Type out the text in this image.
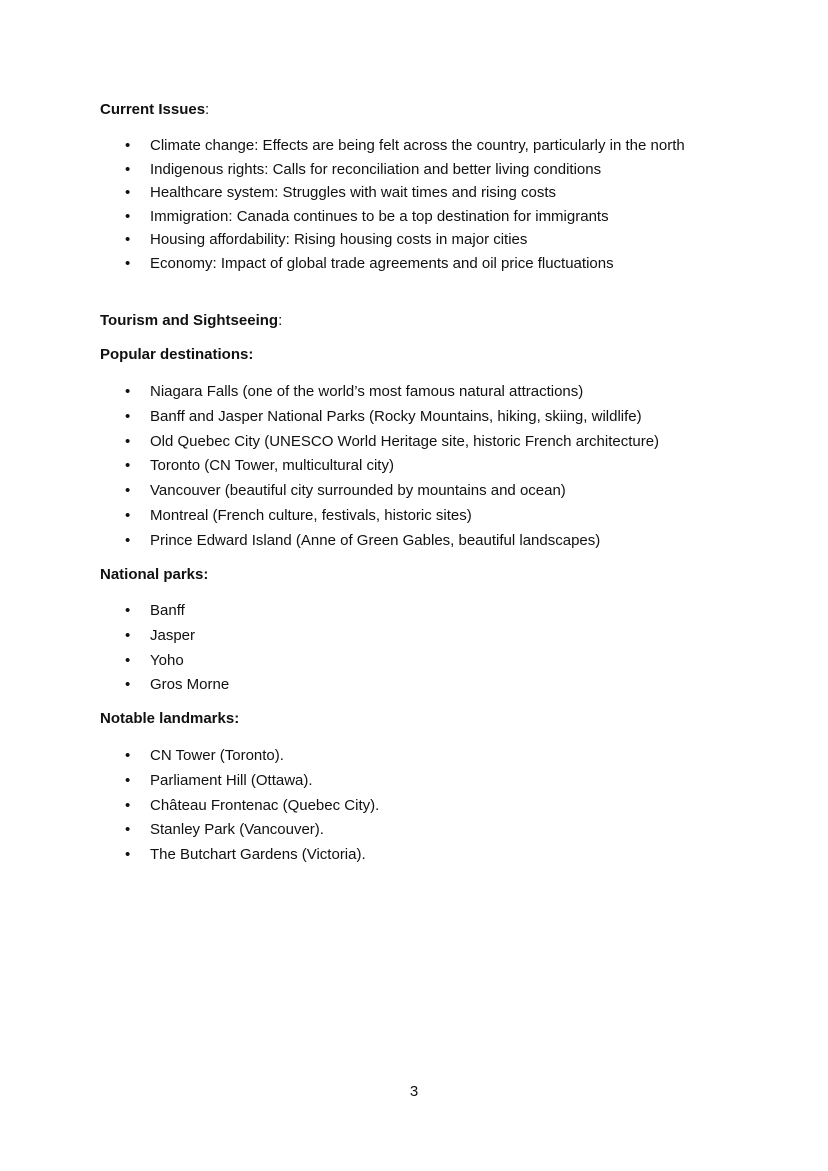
Current Issues:
• Climate change: Effects are being felt across the country, particularly in the north
• Indigenous rights: Calls for reconciliation and better living conditions
• Healthcare system: Struggles with wait times and rising costs
• Immigration: Canada continues to be a top destination for immigrants
• Housing affordability: Rising housing costs in major cities
• Economy: Impact of global trade agreements and oil price fluctuations
Tourism and Sightseeing:
Popular destinations:
• Niagara Falls (one of the world’s most famous natural attractions)
• Banff and Jasper National Parks (Rocky Mountains, hiking, skiing, wildlife)
• Old Quebec City (UNESCO World Heritage site, historic French architecture)
• Toronto (CN Tower, multicultural city)
• Vancouver (beautiful city surrounded by mountains and ocean)
• Montreal (French culture, festivals, historic sites)
• Prince Edward Island (Anne of Green Gables, beautiful landscapes)
National parks:
• Banff
• Jasper
• Yoho
• Gros Morne
Notable landmarks:
• CN Tower (Toronto).
• Parliament Hill (Ottawa).
• Château Frontenac (Quebec City).
• Stanley Park (Vancouver).
• The Butchart Gardens (Victoria).
3
